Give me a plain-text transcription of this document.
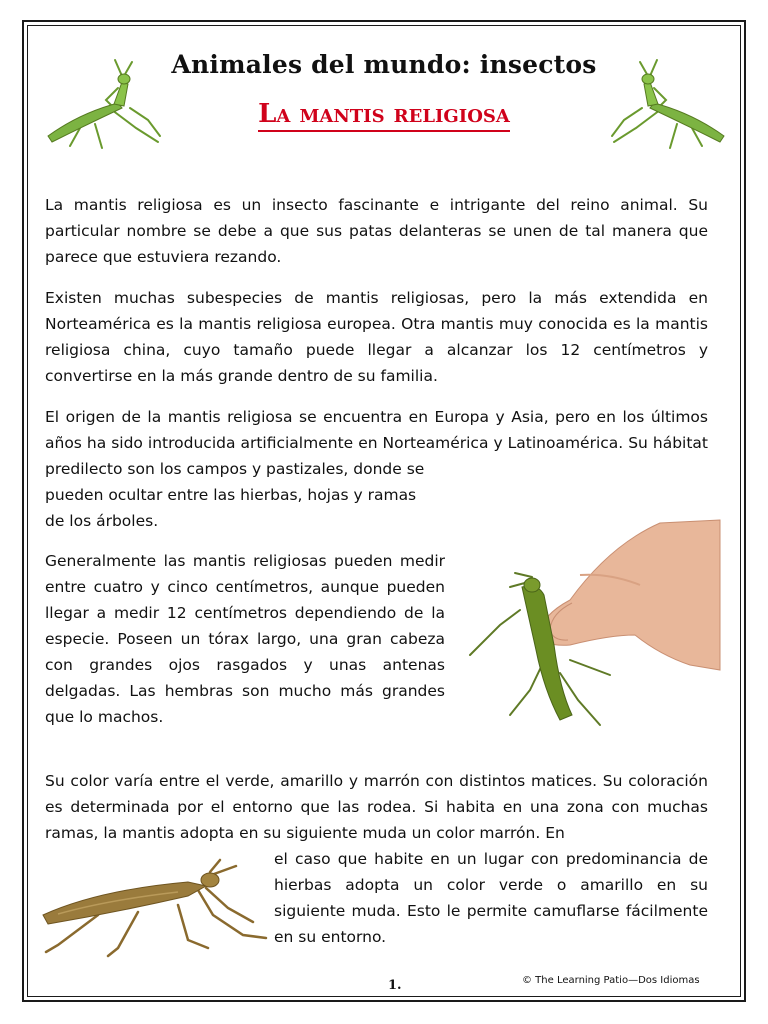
Animales del mundo: insectos
La mantis religiosa

La mantis religiosa es un insecto fascinante e intrigante del reino animal. Su particular nombre se debe a que sus patas delanteras se unen de tal manera que parece que estuviera rezando.

Existen muchas subespecies de mantis religiosas, pero la más extendida en Norteamérica es la mantis religiosa europea. Otra mantis muy conocida es la mantis religiosa china, cuyo tamaño puede llegar a alcanzar los 12 centímetros y convertirse en la más grande dentro de su familia.

El origen de la mantis religiosa se encuentra en Europa y Asia, pero en los últimos años ha sido introducida artificialmente en Norteamérica y Latinoamérica. Su hábitat predilecto son los campos y pastizales, donde se

pueden ocultar entre las hierbas, hojas y ramas

de los árboles.

Generalmente las mantis religiosas pueden medir entre cuatro y cinco centímetros, aunque pueden llegar a medir 12 centímetros dependiendo de la especie. Poseen un tórax largo, una gran cabeza con grandes ojos rasgados y unas antenas delgadas. Las hembras son mucho más grandes que lo machos.

Su color varía entre el verde, amarillo y marrón con distintos matices. Su coloración es determinada por el entorno que las rodea. Si habita en una zona con muchas ramas, la mantis adopta en su siguiente muda un color marrón. En

el caso que habite en un lugar con predominancia de hierbas adopta un color verde o amarillo en su siguiente muda. Esto le permite camuflarse fácilmente en su entorno.

1.	© The Learning Patio—Dos Idiomas
